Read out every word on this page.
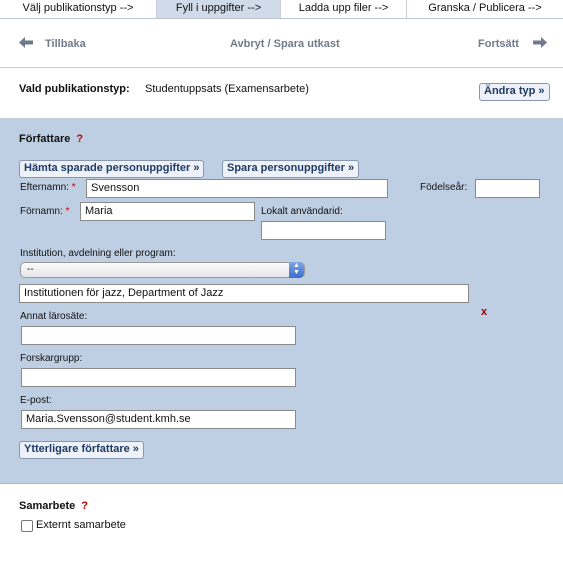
Välj publikationstyp -->	Fyll i uppgifter -->	Ladda upp filer -->	Granska / Publicera -->
Tillbaka	Avbryt / Spara utkast	Fortsätt
Vald publikationstyp: Studentuppsats (Examensarbete)	Ändra typ »
Författare ?
Hämta sparade personuppgifter »	Spara personuppgifter »
Efternamn: *	Svensson	Födelseår:
Förnamn: *	Maria	Lokalt användarid:
Institution, avdelning eller program:
--	▲
▼
Institutionen för jazz, Department of Jazz
x
Annat lärosäte:
Forskargrupp:
E-post:
Maria.Svensson@student.kmh.se
Ytterligare författare »
Samarbete ?
Externt samarbete
